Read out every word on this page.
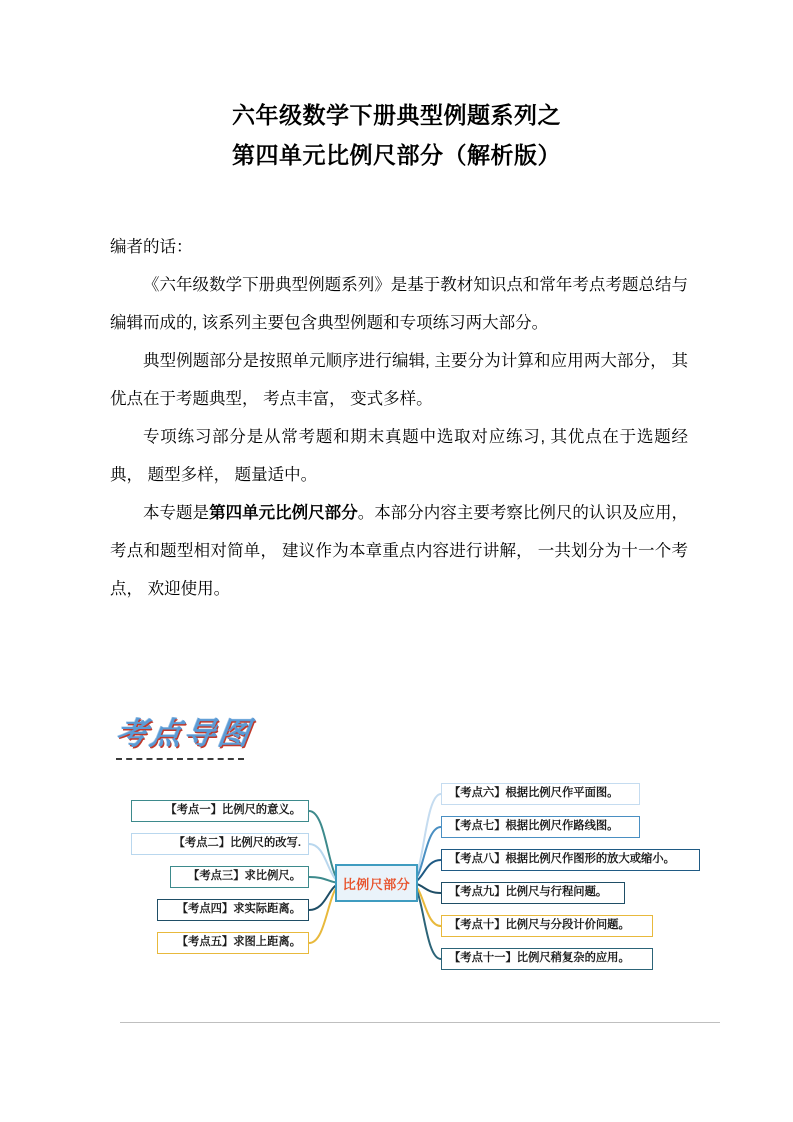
六年级数学下册典型例题系列之
第四单元比例尺部分（解析版）

编者的话：

《六年级数学下册典型例题系列》是基于教材知识点和常年考点考题总结与编辑而成的, 该系列主要包含典型例题和专项练习两大部分。

典型例题部分是按照单元顺序进行编辑, 主要分为计算和应用两大部分， 其优点在于考题典型， 考点丰富， 变式多样。

专项练习部分是从常考题和期末真题中选取对应练习, 其优点在于选题经典， 题型多样， 题量适中。

本专题是第四单元比例尺部分。本部分内容主要考察比例尺的认识及应用， 考点和题型相对简单， 建议作为本章重点内容进行讲解， 一共划分为十一个考点， 欢迎使用。

考点导图
比例尺部分
【考点一】比例尺的意义。
【考点二】比例尺的改写.
【考点三】求比例尺。
【考点四】求实际距离。
【考点五】求图上距离。
【考点六】根据比例尺作平面图。
【考点七】根据比例尺作路线图。
【考点八】根据比例尺作图形的放大或缩小。
【考点九】比例尺与行程问题。
【考点十】比例尺与分段计价问题。
【考点十一】比例尺稍复杂的应用。
